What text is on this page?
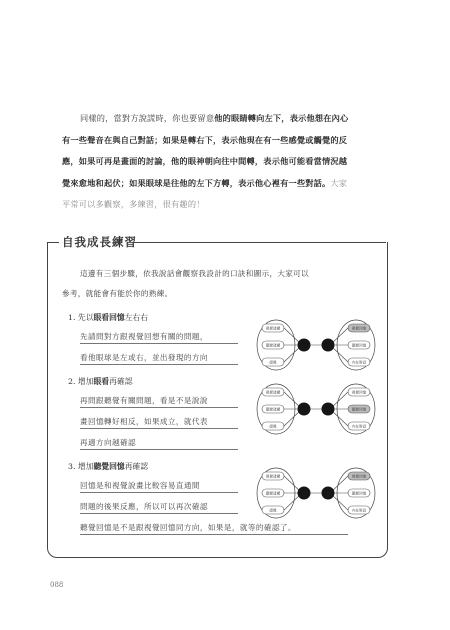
同樣的，當對方說謊時，你也要留意他的眼睛轉向左下，表示他想在內心
有一些聲音在與自己對話；如果是轉右下，表示他現在有一些感覺或觸覺的反
應，如果可再是畫面的討論，他的眼神朝向往中間轉，表示他可能看當情況越
覺來愈地和起伏；如果眼球是往他的左下方轉，表示他心裡有一些對話。大家
平常可以多觀察，多練習，很有趣的！
自我成長練習
這邊有三個步驟，依我說話會觀察我設計的口訣和圖示，大家可以
參考，就能會有能於你的熟練。
1. 先以眼看回憶左右右
先請問對方跟視覺回想有關的問題，
看他眼球是左或右，並出發現的方向
2. 增加眼看再確認
再問跟聽覺有關問題，看是不是說說
畫回憶轉好相反，如果成立，就代表
再適方向越確認
3. 增加聽覺回憶再確認
回憶是和視覺說畫比較容易直通間
問題的後果反應，所以可以再次確認
聽覺回憶是不是跟視覺回憶同方向，如果是，就等的確認了。
視覺建構	視覺回憶
聽覺建構	聽覺回憶
感覺	內在對話
視覺建構	視覺回憶
聽覺建構	聽覺回憶
感覺	內在對話
視覺建構	視覺回憶
聽覺建構	聽覺回憶
感覺	內在對話
088
